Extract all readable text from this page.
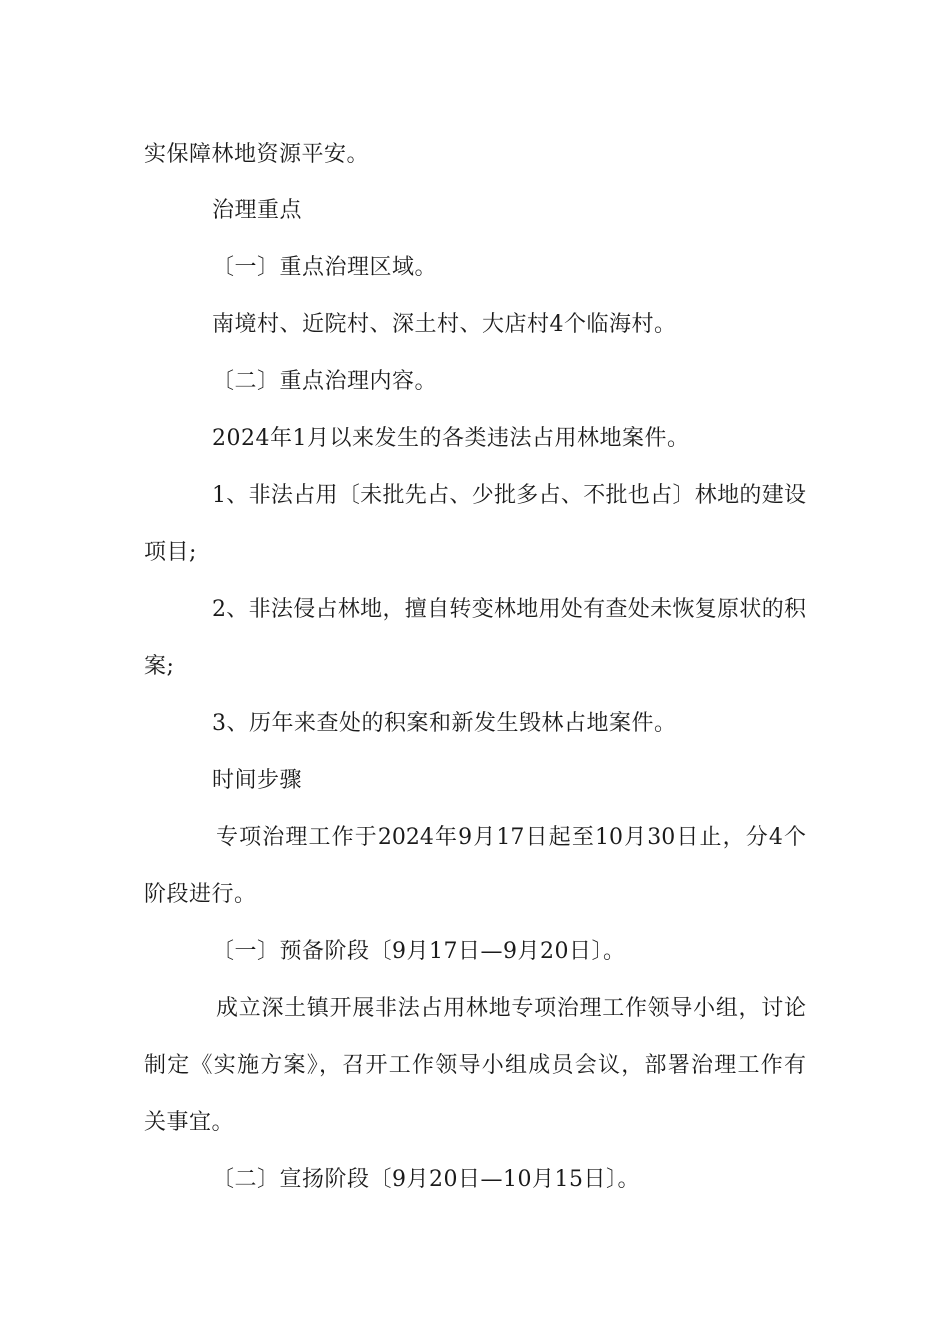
实保障林地资源平安。
治理重点
〔一〕重点治理区域。
南境村、近院村、深土村、大店村4个临海村。
〔二〕重点治理内容。
2024年1月以来发生的各类违法占用林地案件。
1、非法占用〔未批先占、少批多占、不批也占〕林地的建设
项目;
2、非法侵占林地，擅自转变林地用处有查处未恢复原状的积
案;
3、历年来查处的积案和新发生毁林占地案件。
时间步骤
专项治理工作于2024年9月17日起至10月30日止，分4个
阶段进行。
〔一〕预备阶段〔9月17日—9月20日〕。
成立深土镇开展非法占用林地专项治理工作领导小组，讨论
制定《实施方案》，召开工作领导小组成员会议，部署治理工作有
关事宜。
〔二〕宣扬阶段〔9月20日—10月15日〕。
